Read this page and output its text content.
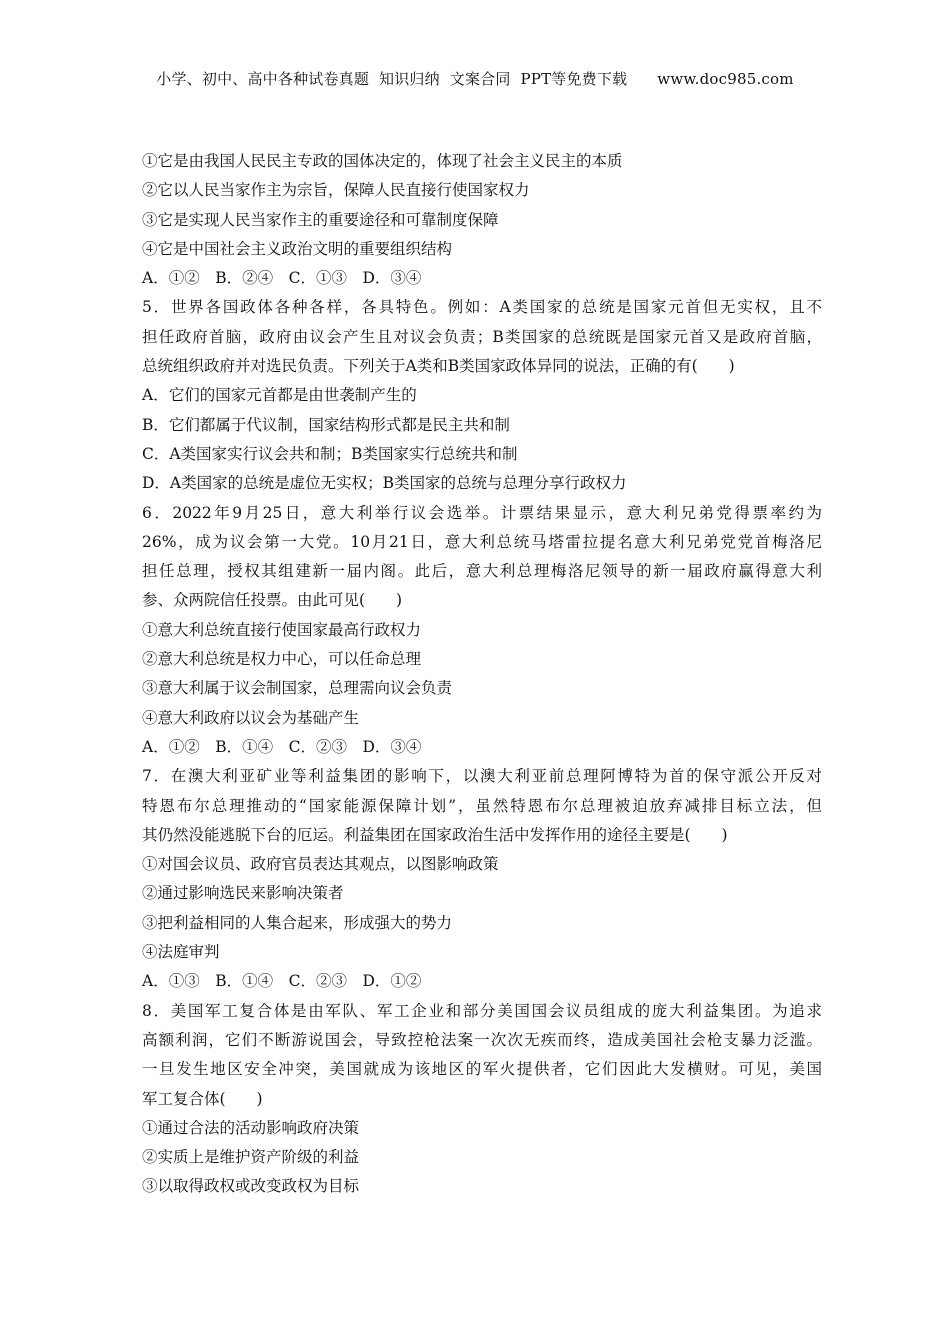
小学、初中、高中各种试卷真题  知识归纳  文案合同  PPT等免费下载 www.doc985.com
①它是由我国人民民主专政的国体决定的，体现了社会主义民主的本质
②它以人民当家作主为宗旨，保障人民直接行使国家权力
③它是实现人民当家作主的重要途径和可靠制度保障
④它是中国社会主义政治文明的重要组织结构
A．①②　B．②④　C．①③　D．③④
5．世界各国政体各种各样，各具特色。例如：A类国家的总统是国家元首但无实权，且不
担任政府首脑，政府由议会产生且对议会负责；B类国家的总统既是国家元首又是政府首脑，
总统组织政府并对选民负责。下列关于A类和B类国家政体异同的说法，正确的有(　　)
A．它们的国家元首都是由世袭制产生的
B．它们都属于代议制，国家结构形式都是民主共和制
C．A类国家实行议会共和制；B类国家实行总统共和制
D．A类国家的总统是虚位无实权；B类国家的总统与总理分享行政权力
6．2022年9月25日，意大利举行议会选举。计票结果显示，意大利兄弟党得票率约为
26%，成为议会第一大党。10月21日，意大利总统马塔雷拉提名意大利兄弟党党首梅洛尼
担任总理，授权其组建新一届内阁。此后，意大利总理梅洛尼领导的新一届政府赢得意大利
参、众两院信任投票。由此可见(　　)
①意大利总统直接行使国家最高行政权力
②意大利总统是权力中心，可以任命总理
③意大利属于议会制国家，总理需向议会负责
④意大利政府以议会为基础产生
A．①②　B．①④　C．②③　D．③④
7．在澳大利亚矿业等利益集团的影响下，以澳大利亚前总理阿博特为首的保守派公开反对
特恩布尔总理推动的“国家能源保障计划”，虽然特恩布尔总理被迫放弃减排目标立法，但
其仍然没能逃脱下台的厄运。利益集团在国家政治生活中发挥作用的途径主要是(　　)
①对国会议员、政府官员表达其观点，以图影响政策
②通过影响选民来影响决策者
③把利益相同的人集合起来，形成强大的势力
④法庭审判
A．①③　B．①④　C．②③　D．①②
8．美国军工复合体是由军队、军工企业和部分美国国会议员组成的庞大利益集团。为追求
高额利润，它们不断游说国会，导致控枪法案一次次无疾而终，造成美国社会枪支暴力泛滥。
一旦发生地区安全冲突，美国就成为该地区的军火提供者，它们因此大发横财。可见，美国
军工复合体(　　)
①通过合法的活动影响政府决策
②实质上是维护资产阶级的利益
③以取得政权或改变政权为目标
